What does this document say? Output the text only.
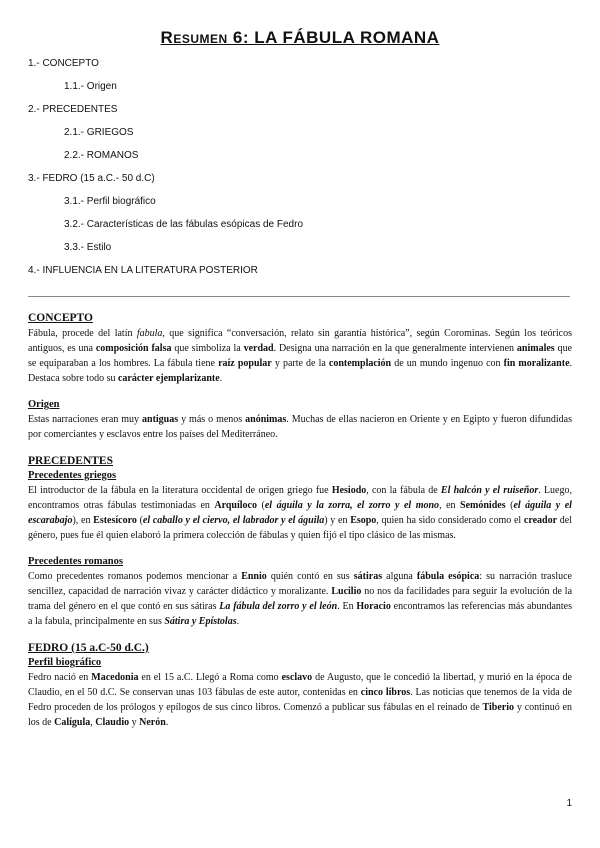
Resumen 6: LA FÁBULA ROMANA
1.- CONCEPTO
1.1.- Origen
2.- PRECEDENTES
2.1.- GRIEGOS
2.2.- ROMANOS
3.- FEDRO (15 a.C.- 50 d.C)
3.1.- Perfil biográfico
3.2.- Características de las fábulas esópicas de Fedro
3.3.- Estilo
4.- INFLUENCIA EN LA LITERATURA POSTERIOR
CONCEPTO

Fábula, procede del latín fabula, que significa “conversación, relato sin garantía histórica”, según Corominas. Según los teóricos antiguos, es una composición falsa que simboliza la verdad. Designa una narración en la que generalmente intervienen animales que se equiparaban a los hombres. La fábula tiene raíz popular y parte de la contemplación de un mundo ingenuo con fin moralizante. Destaca sobre todo su carácter ejemplarizante.

Origen

Estas narraciones eran muy antiguas y más o menos anónimas. Muchas de ellas nacieron en Oriente y en Egipto y fueron difundidas por comerciantes y esclavos entre los países del Mediterráneo.

PRECEDENTES
Precedentes griegos

El introductor de la fábula en la literatura occidental de origen griego fue Hesiodo, con la fábula de El halcón y el ruiseñor. Luego, encontramos otras fábulas testimoniadas en Arquíloco (el águila y la zorra, el zorro y el mono, en Semónides (el águila y el escarabajo), en Estesícoro (el caballo y el ciervo, el labrador y el águila) y en Esopo, quien ha sido considerado como el creador del género, pues fue él quien elaboró la primera colección de fábulas y quien fijó el tipo clásico de las mismas.

Precedentes romanos

Como precedentes romanos podemos mencionar a Ennio quién contó en sus sátiras alguna fábula esópica: su narración trasluce sencillez, capacidad de narración vivaz y carácter didáctico y moralizante. Lucilio no nos da facilidades para seguir la evolución de la trama del género en el que contó en sus sátiras La fábula del zorro y el león. En Horacio encontramos las referencias más abundantes a la fabula, principalmente en sus Sátira y Epístolas.

FEDRO (15 a.C-50 d.C.)
Perfil biográfico

Fedro nació en Macedonia en el 15 a.C. Llegó a Roma como esclavo de Augusto, que le concedió la libertad, y murió en la época de Claudio, en el 50 d.C. Se conservan unas 103 fábulas de este autor, contenidas en cinco libros. Las noticias que tenemos de la vida de Fedro proceden de los prólogos y epílogos de sus cinco libros. Comenzó a publicar sus fábulas en el reinado de Tiberio y continuó en los de Calígula, Claudio y Nerón.

1
